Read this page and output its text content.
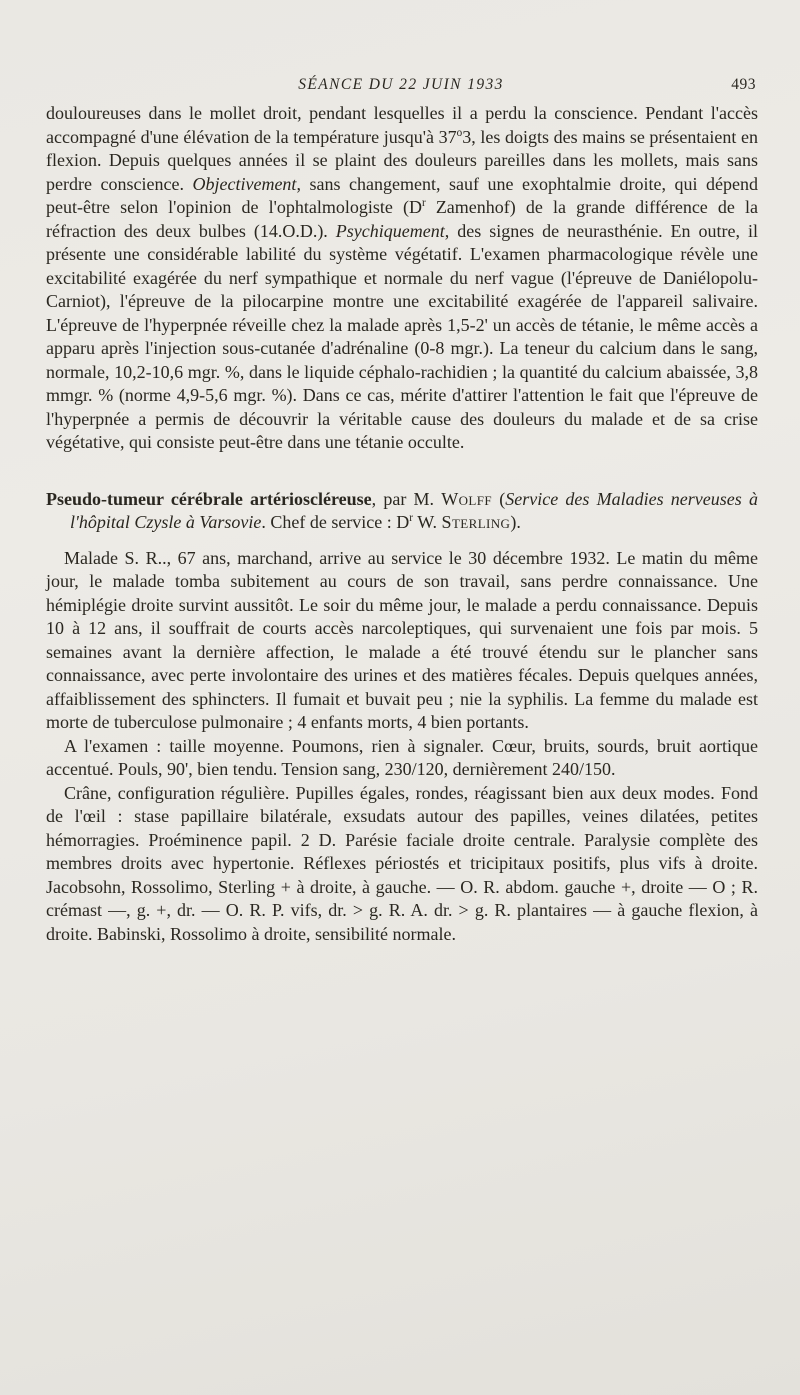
SÉANCE DU 22 JUIN 1933	493

douloureuses dans le mollet droit, pendant lesquelles il a perdu la conscience. Pendant l'accès accompagné d'une élévation de la température jusqu'à 37$^o$3, les doigts des mains se présentaient en flexion. Depuis quelques années il se plaint des douleurs pareilles dans les mollets, mais sans perdre conscience. Objectivement, sans changement, sauf une exophtalmie droite, qui dépend peut-être selon l'opinion de l'ophtalmologiste ($D^r$ Zamenhof) de la grande différence de la réfraction des deux bulbes (14.O.D.). Psychiquement, des signes de neurasthénie. En outre, il présente une considérable labilité du système végétatif. L'examen pharmacologique révèle une excitabilité exagérée du nerf sympathique et normale du nerf vague (l'épreuve de Daniélopolu-Carniot), l'épreuve de la pilocarpine montre une excitabilité exagérée de l'appareil salivaire. L'épreuve de l'hyperpnée réveille chez la malade après 1,5-2' un accès de tétanie, le même accès a apparu après l'injection sous-cutanée d'adrénaline (0-8 mgr.). La teneur du calcium dans le sang, normale, 10,2-10,6 mgr. %, dans le liquide céphalo-rachidien ; la quantité du calcium abaissée, 3,8 mmgr. % (norme 4,9-5,6 mgr. %). Dans ce cas, mérite d'attirer l'attention le fait que l'épreuve de l'hyperpnée a permis de découvrir la véritable cause des douleurs du malade et de sa crise végétative, qui consiste peut-être dans une tétanie occulte.

Pseudo-tumeur cérébrale artérioscléreuse, par M. Wolff (Service des Maladies nerveuses à l'hôpital Czysle à Varsovie. Chef de service : $D^r$ W. Sterling).

Malade S. R.., 67 ans, marchand, arrive au service le 30 décembre 1932. Le matin du même jour, le malade tomba subitement au cours de son travail, sans perdre connaissance. Une hémiplégie droite survint aussitôt. Le soir du même jour, le malade a perdu connaissance. Depuis 10 à 12 ans, il souffrait de courts accès narcoleptiques, qui survenaient une fois par mois. 5 semaines avant la dernière affection, le malade a été trouvé étendu sur le plancher sans connaissance, avec perte involontaire des urines et des matières fécales. Depuis quelques années, affaiblissement des sphincters. Il fumait et buvait peu ; nie la syphilis. La femme du malade est morte de tuberculose pulmonaire ; 4 enfants morts, 4 bien portants.

A l'examen : taille moyenne. Poumons, rien à signaler. Cœur, bruits, sourds, bruit aortique accentué. Pouls, 90', bien tendu. Tension sang, 230/120, dernièrement 240/150.

Crâne, configuration régulière. Pupilles égales, rondes, réagissant bien aux deux modes. Fond de l'œil : stase papillaire bilatérale, exsudats autour des papilles, veines dilatées, petites hémorragies. Proéminence papil. 2 D. Parésie faciale droite centrale. Paralysie complète des membres droits avec hypertonie. Réflexes périostés et tricipitaux positifs, plus vifs à droite. Jacobsohn, Rossolimo, Sterling + à droite, à gauche. — O. R. abdom. gauche +, droite — O ; R. crémast —, g. +, dr. — O. R. P. vifs, dr. > g. R. A. dr. > g. R. plantaires — à gauche flexion, à droite. Babinski, Rossolimo à droite, sensibilité normale.
